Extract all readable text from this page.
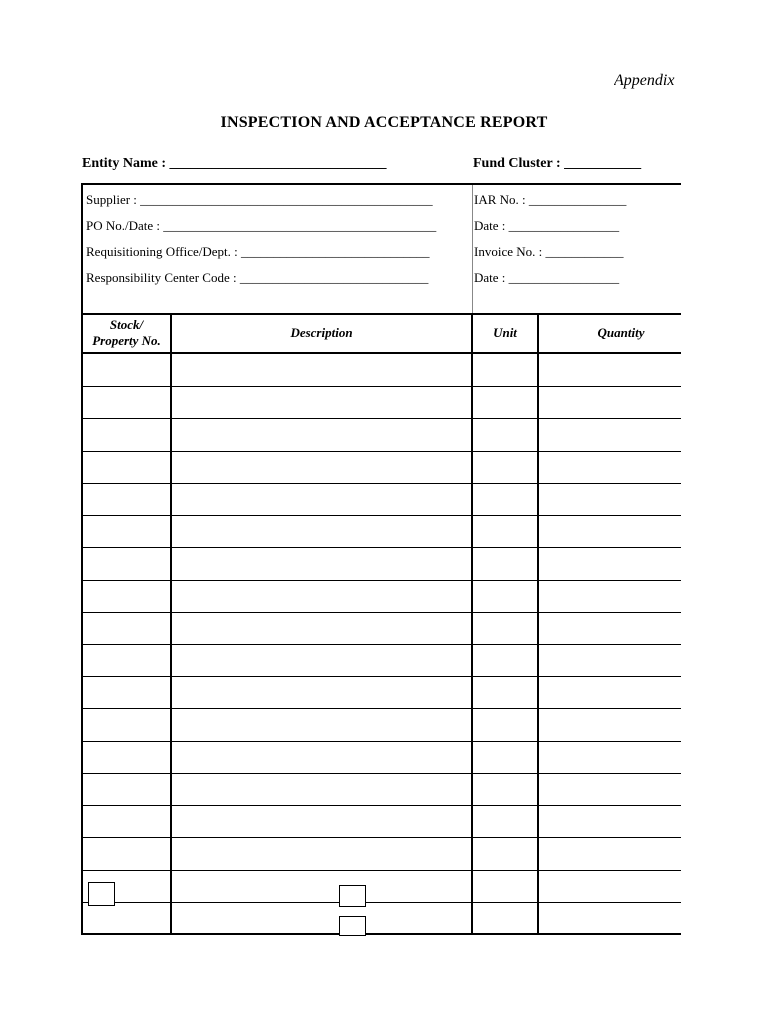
Appendix
INSPECTION AND ACCEPTANCE REPORT
Entity Name : _______________________________	Fund Cluster : ___________
Supplier : _____________________________________________
PO No./Date : __________________________________________
Requisitioning Office/Dept. : _____________________________
Responsibility Center Code : _____________________________
IAR No. : _______________
Date : _________________
Invoice No. : ____________
Date : _________________
Stock/
Property No.
Description	Unit	Quantity
